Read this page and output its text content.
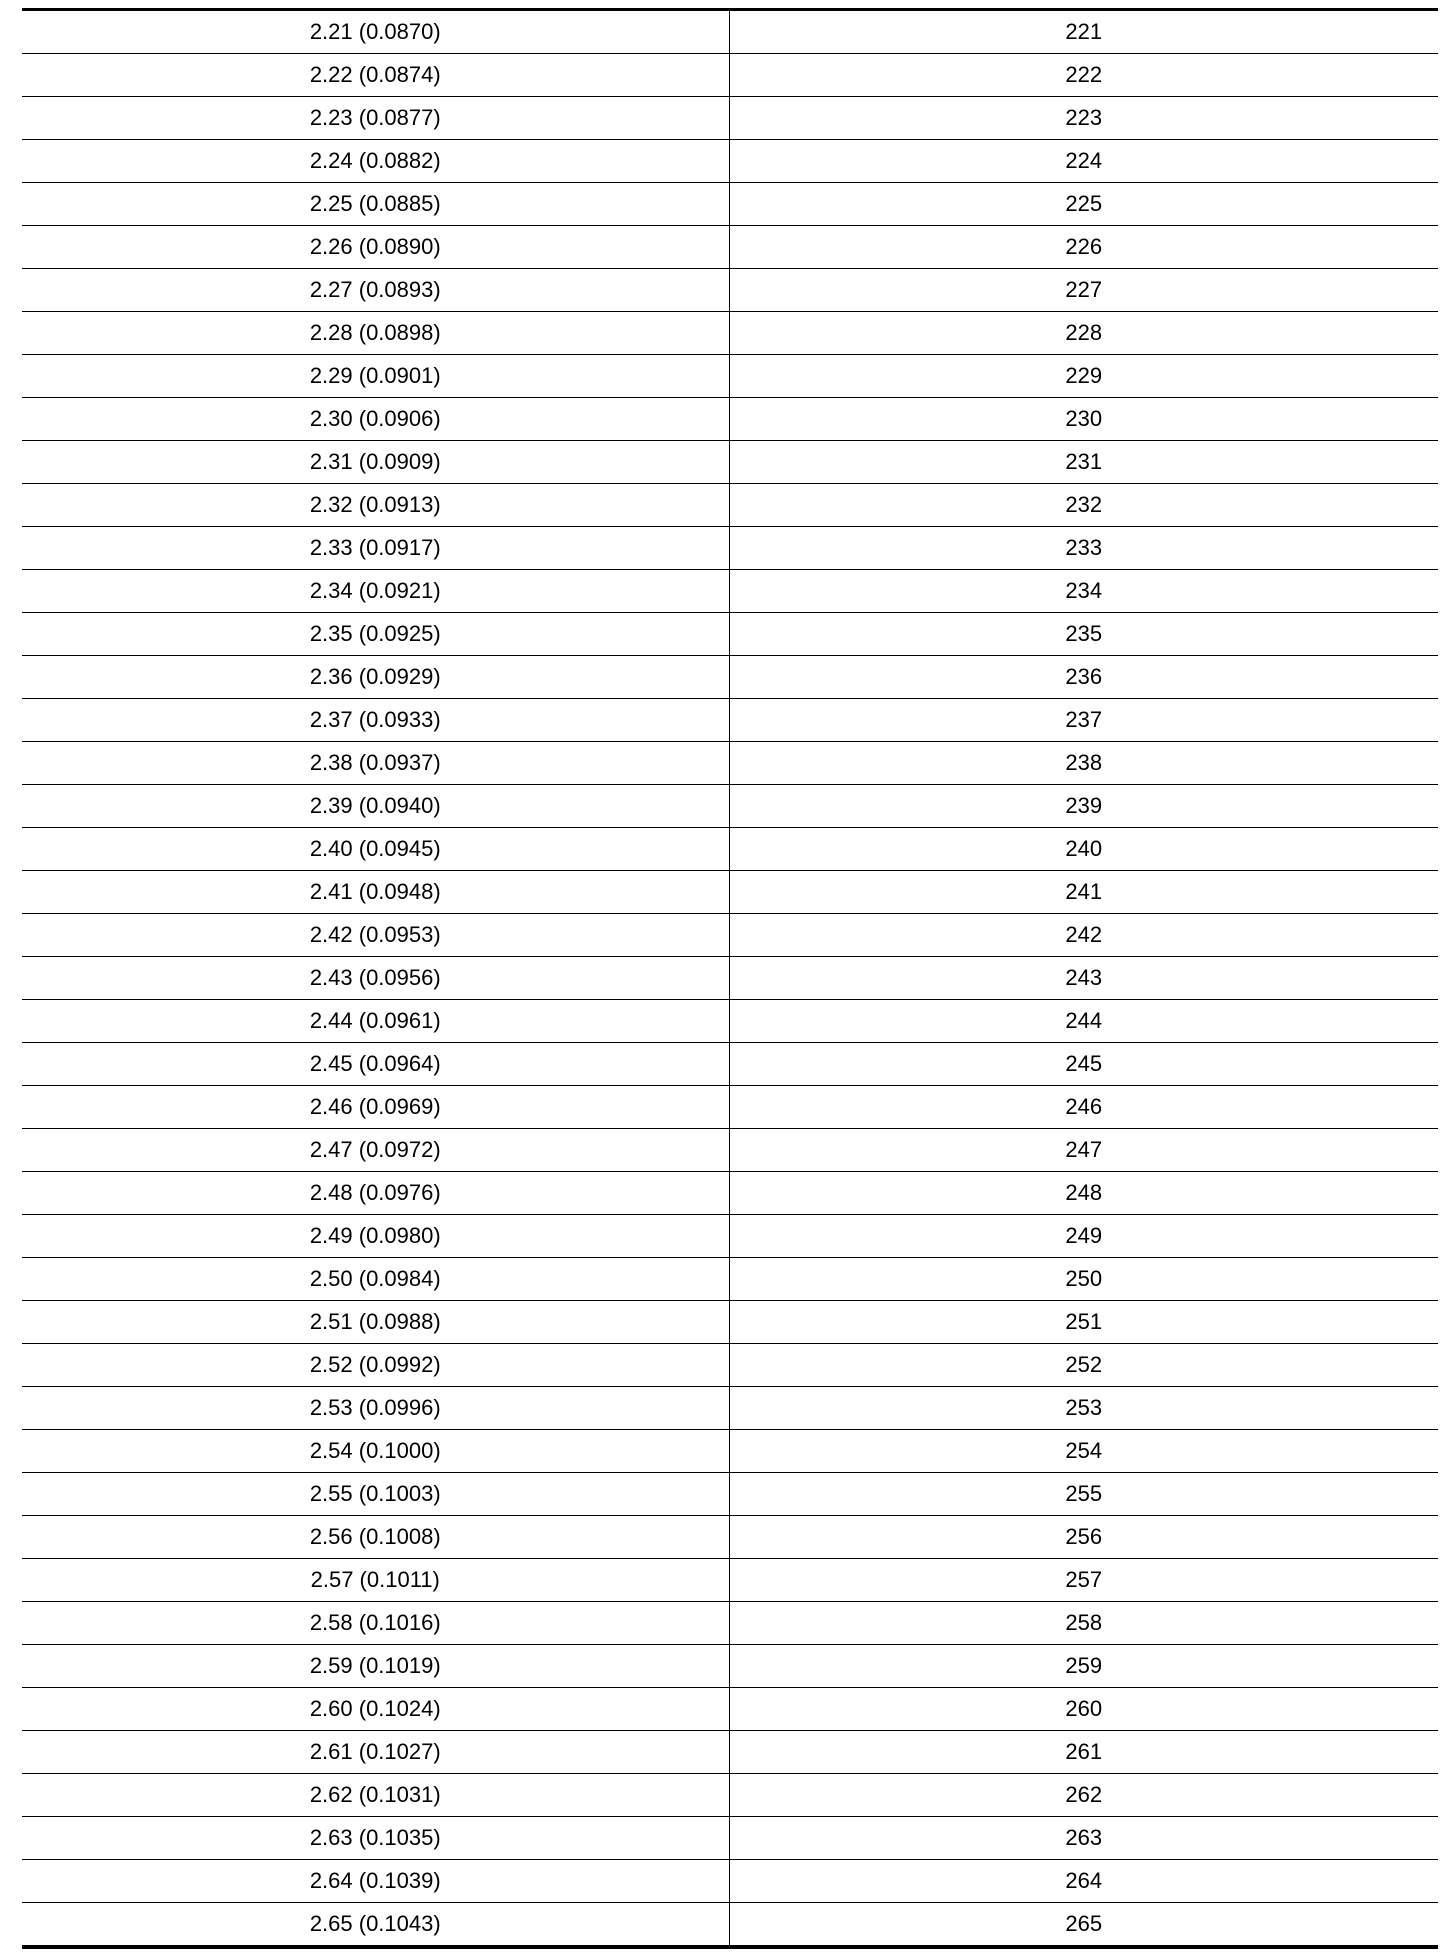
2.21 (0.0870)	221
2.22 (0.0874)	222
2.23 (0.0877)	223
2.24 (0.0882)	224
2.25 (0.0885)	225
2.26 (0.0890)	226
2.27 (0.0893)	227
2.28 (0.0898)	228
2.29 (0.0901)	229
2.30 (0.0906)	230
2.31 (0.0909)	231
2.32 (0.0913)	232
2.33 (0.0917)	233
2.34 (0.0921)	234
2.35 (0.0925)	235
2.36 (0.0929)	236
2.37 (0.0933)	237
2.38 (0.0937)	238
2.39 (0.0940)	239
2.40 (0.0945)	240
2.41 (0.0948)	241
2.42 (0.0953)	242
2.43 (0.0956)	243
2.44 (0.0961)	244
2.45 (0.0964)	245
2.46 (0.0969)	246
2.47 (0.0972)	247
2.48 (0.0976)	248
2.49 (0.0980)	249
2.50 (0.0984)	250
2.51 (0.0988)	251
2.52 (0.0992)	252
2.53 (0.0996)	253
2.54 (0.1000)	254
2.55 (0.1003)	255
2.56 (0.1008)	256
2.57 (0.1011)	257
2.58 (0.1016)	258
2.59 (0.1019)	259
2.60 (0.1024)	260
2.61 (0.1027)	261
2.62 (0.1031)	262
2.63 (0.1035)	263
2.64 (0.1039)	264
2.65 (0.1043)	265
